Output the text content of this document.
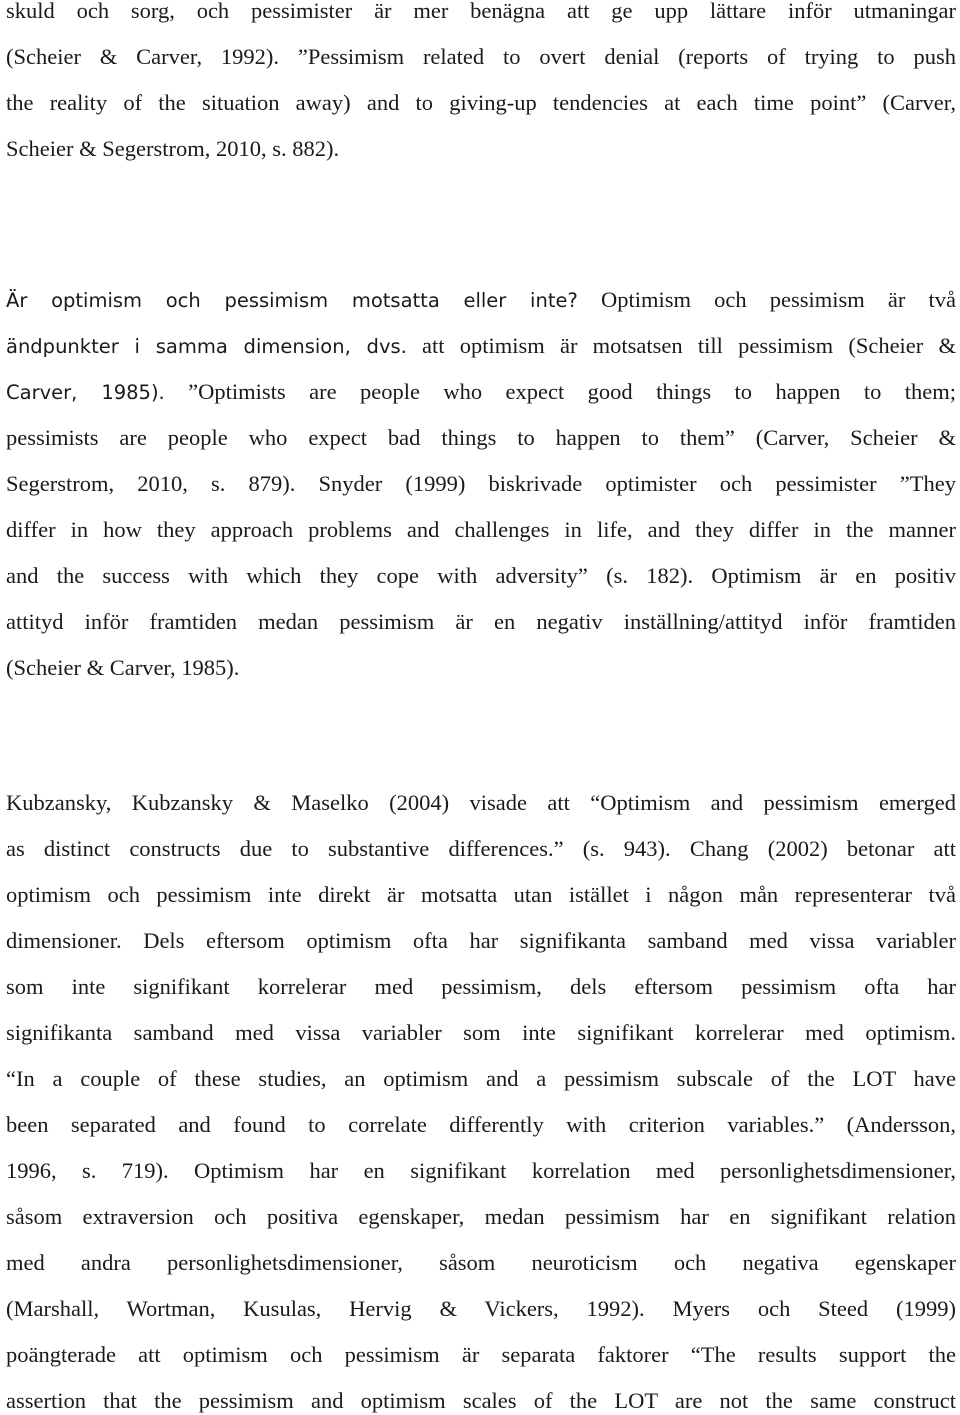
skuld och sorg, och pessimister är mer benägna att ge upp lättare inför utmaningar
(Scheier & Carver, 1992). ”Pessimism related to overt denial (reports of trying to push
the reality of the situation away) and to giving-up tendencies at each time point” (Carver,
Scheier & Segerstrom, 2010, s. 882).
Är optimism och pessimism motsatta eller inte? Optimism och pessimism är två
ändpunkter i samma dimension, dvs. att optimism är motsatsen till pessimism (Scheier &
Carver, 1985). ”Optimists are people who expect good things to happen to them;
pessimists are people who expect bad things to happen to them” (Carver, Scheier &
Segerstrom, 2010, s. 879). Snyder (1999) biskrivade optimister och pessimister ”They
differ in how they approach problems and challenges in life, and they differ in the manner
and the success with which they cope with adversity” (s. 182). Optimism är en positiv
attityd inför framtiden medan pessimism är en negativ inställning/attityd inför framtiden
(Scheier & Carver, 1985).
Kubzansky, Kubzansky & Maselko (2004) visade att “Optimism and pessimism emerged
as distinct constructs due to substantive differences.” (s. 943). Chang (2002) betonar att
optimism och pessimism inte direkt är motsatta utan istället i någon mån representerar två
dimensioner. Dels eftersom optimism ofta har signifikanta samband med vissa variabler
som inte signifikant korrelerar med pessimism, dels eftersom pessimism ofta har
signifikanta samband med vissa variabler som inte signifikant korrelerar med optimism.
“In a couple of these studies, an optimism and a pessimism subscale of the LOT have
been separated and found to correlate differently with criterion variables.” (Andersson,
1996, s. 719). Optimism har en signifikant korrelation med personlighetsdimensioner,
såsom extraversion och positiva egenskaper, medan pessimism har en signifikant relation
med andra personlighetsdimensioner, såsom neuroticism och negativa egenskaper
(Marshall, Wortman, Kusulas, Hervig & Vickers, 1992). Myers och Steed (1999)
poängterade att optimism och pessimism är separata faktorer “The results support the
assertion that the pessimism and optimism scales of the LOT are not the same construct
